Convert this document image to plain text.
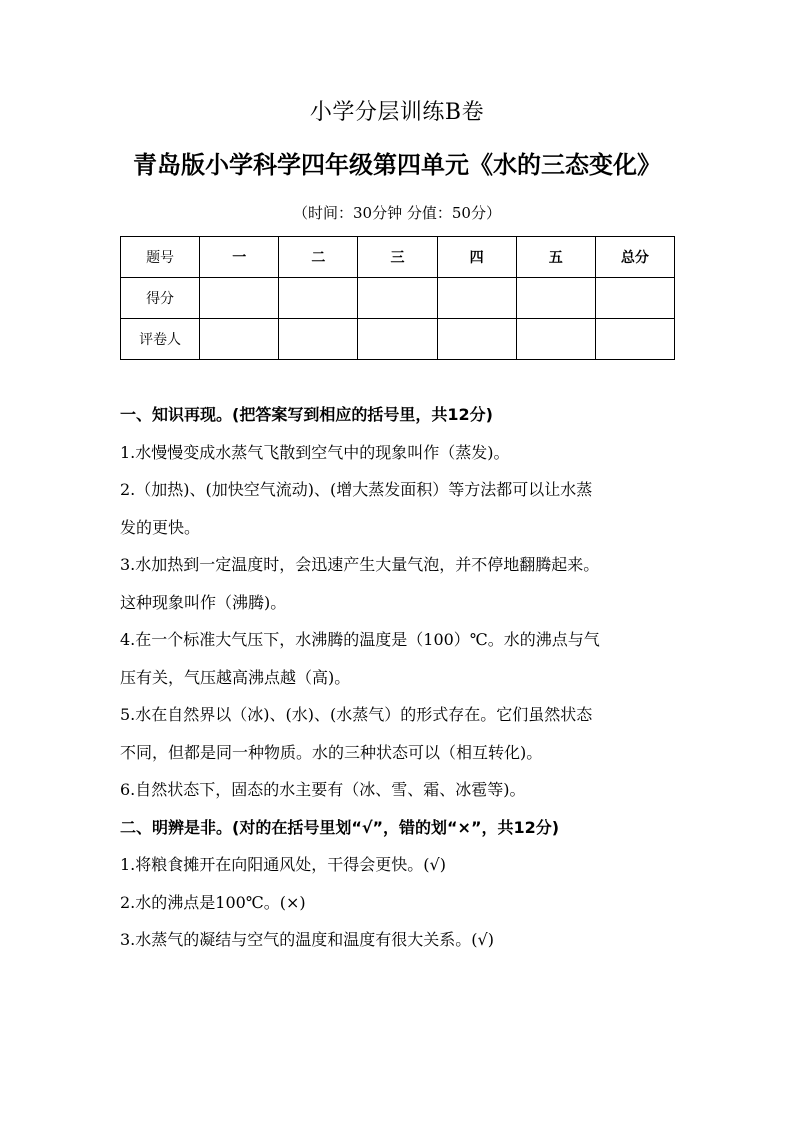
小学分层训练B卷
青岛版小学科学四年级第四单元《水的三态变化》
（时间：30分钟 分值：50分）
题号	一	二	三	四	五	总分
得分						
评卷人						

一、知识再现。(把答案写到相应的括号里，共12分)

1.水慢慢变成水蒸气飞散到空气中的现象叫作（蒸发)。

2.（加热)、(加快空气流动)、(增大蒸发面积）等方法都可以让水蒸

发的更快。

3.水加热到一定温度时，会迅速产生大量气泡，并不停地翻腾起来。

这种现象叫作（沸腾)。

4.在一个标准大气压下，水沸腾的温度是（100）℃。水的沸点与气

压有关，气压越高沸点越（高)。

5.水在自然界以（冰)、(水)、(水蒸气）的形式存在。它们虽然状态

不同，但都是同一种物质。水的三种状态可以（相互转化)。

6.自然状态下，固态的水主要有（冰、雪、霜、冰雹等)。

二、明辨是非。(对的在括号里划“√”，错的划“×”，共12分)

1.将粮食摊开在向阳通风处，干得会更快。(√)

2.水的沸点是100℃。(×)

3.水蒸气的凝结与空气的温度和温度有很大关系。(√)
